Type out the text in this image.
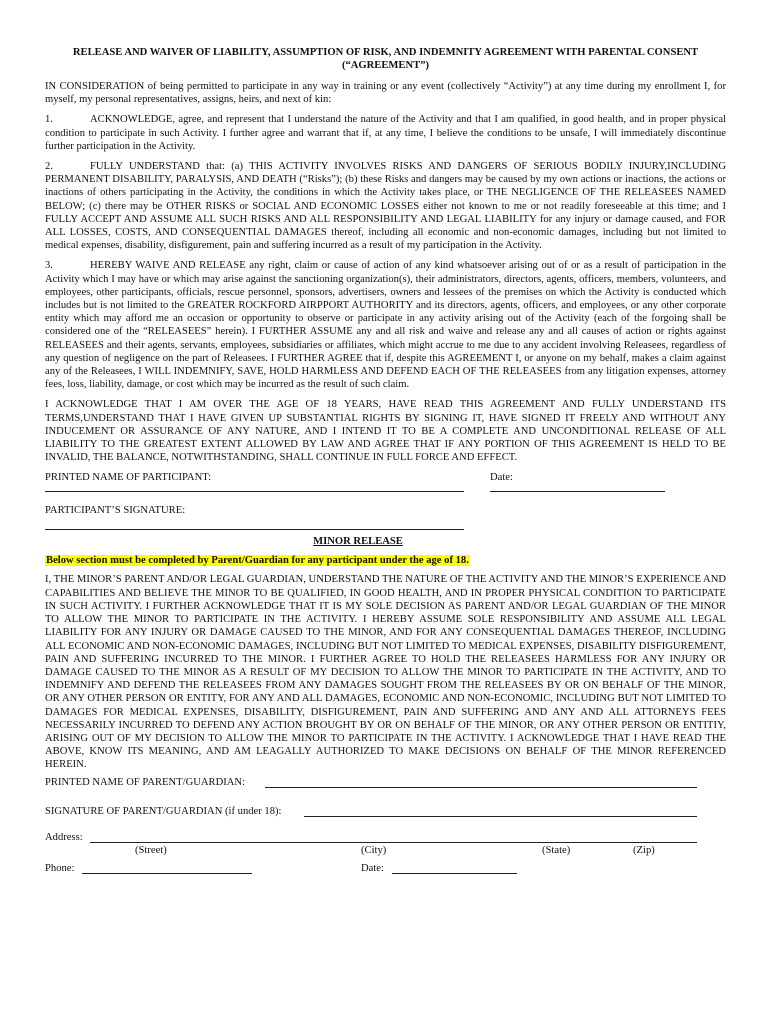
RELEASE AND WAIVER OF LIABILITY, ASSUMPTION OF RISK, AND INDEMNITY AGREEMENT WITH PARENTAL CONSENT

(“AGREEMENT”)

IN CONSIDERATION of being permitted to participate in any way in training or any event (collectively “Activity”) at any time during my enrollment I, for myself, my personal representatives, assigns, heirs, and next of kin:

1.	ACKNOWLEDGE, agree, and represent that I understand the nature of the Activity and that I am qualified, in good health, and in proper physical condition to participate in such Activity. I further agree and warrant that if, at any time, I believe the conditions to be unsafe, I will immediately discontinue further participation in the Activity.

2.	FULLY UNDERSTAND that: (a) THIS ACTIVITY INVOLVES RISKS AND DANGERS OF SERIOUS BODILY INJURY,INCLUDING PERMANENT DISABILITY, PARALYSIS, AND DEATH (“Risks”); (b) these Risks and dangers may be caused by my own actions or inactions, the actions or inactions of others participating in the Activity, the conditions in which the Activity takes place, or THE NEGLIGENCE OF THE RELEASEES NAMED BELOW; (c) there may be OTHER RISKS or SOCIAL AND ECONOMIC LOSSES either not known to me or not readily foreseeable at this time; and I FULLY ACCEPT AND ASSUME ALL SUCH RISKS AND ALL RESPONSIBILITY AND LEGAL LIABILITY for any injury or damage caused, and FOR ALL LOSSES, COSTS, AND CONSEQUENTIAL DAMAGES thereof, including all economic and non-economic damages, including but not limited to medical expenses, disability, disfigurement, pain and suffering incurred as a result of my participation in the Activity.

3.	HEREBY WAIVE AND RELEASE any right, claim or cause of action of any kind whatsoever arising out of or as a result of participation in the Activity which I may have or which may arise against the sanctioning organization(s), their administrators, directors, agents, officers, members, volunteers, and employees, other participants, officials, rescue personnel, sponsors, advertisers, owners and lessees of the premises on which the Activity is conducted which includes but is not limited to the GREATER ROCKFORD AIRPPORT AUTHORITY and its directors, agents, officers, and employees, or any other corporate entity which may afford me an occasion or opportunity to observe or participate in any activity arising out of the Activity (each of the forgoing shall be considered one of the “RELEASEES” herein). I FURTHER ASSUME any and all risk and waive and release any and all causes of action or rights against RELEASEES and their agents, servants, employees, subsidiaries or affiliates, which might accrue to me due to any accident involving Releasees, regardless of any question of negligence on the part of Releasees. I FURTHER AGREE that if, despite this AGREEMENT I, or anyone on my behalf, makes a claim against any of the Releasees, I WILL INDEMNIFY, SAVE, HOLD HARMLESS AND DEFEND EACH OF THE RELEASEES from any litigation expenses, attorney fees, loss, liability, damage, or cost which may be incurred as the result of such claim.

I ACKNOWLEDGE THAT I AM OVER THE AGE OF 18 YEARS, HAVE READ THIS AGREEMENT AND FULLY UNDERSTAND ITS TERMS,UNDERSTAND THAT I HAVE GIVEN UP SUBSTANTIAL RIGHTS BY SIGNING IT, HAVE SIGNED IT FREELY AND WITHOUT ANY INDUCEMENT OR ASSURANCE OF ANY NATURE, AND I INTEND IT TO BE A COMPLETE AND UNCONDITIONAL RELEASE OF ALL LIABILITY TO THE GREATEST EXTENT ALLOWED BY LAW AND AGREE THAT IF ANY PORTION OF THIS AGREEMENT IS HELD TO BE INVALID, THE BALANCE, NOTWITHSTANDING, SHALL CONTINUE IN FULL FORCE AND EFFECT.

PRINTED NAME OF PARTICIPANT:	Date:
PARTICIPANT’S SIGNATURE:
MINOR RELEASE
Below section must be completed by Parent/Guardian for any participant under the age of 18.

I, THE MINOR’S PARENT AND/OR LEGAL GUARDIAN, UNDERSTAND THE NATURE OF THE ACTIVITY AND THE MINOR’S EXPERIENCE AND CAPABILITIES AND BELIEVE THE MINOR TO BE QUALIFIED, IN GOOD HEALTH, AND IN PROPER PHYSICAL CONDITION TO PARTICIPATE IN SUCH ACTIVITY. I FURTHER ACKNOWLEDGE THAT IT IS MY SOLE DECISION AS PARENT AND/OR LEGAL GUARDIAN OF THE MINOR TO ALLOW THE MINOR TO PARTICIPATE IN THE ACTIVITY. I HEREBY ASSUME SOLE RESPONSIBILITY AND ASSUME ALL LEGAL LIABILITY FOR ANY INJURY OR DAMAGE CAUSED TO THE MINOR, AND FOR ANY CONSEQUENTIAL DAMAGES THEREOF, INCLUDING ALL ECONOMIC AND NON-ECONOMIC DAMAGES, INCLUDING BUT NOT LIMITED TO MEDICAL EXPENSES, DISABILITY DISFIGUREMENT, PAIN AND SUFFERING INCURRED TO THE MINOR. I FURTHER AGREE TO HOLD THE RELEASEES HARMLESS FOR ANY INJURY OR DAMAGE CAUSED TO THE MINOR AS A RESULT OF MY DECISION TO ALLOW THE MINOR TO PARTICIPATE IN THE ACTIVITY, AND TO INDEMNIFY AND DEFEND THE RELEASEES FROM ANY DAMAGES SOUGHT FROM THE RELEASEES BY OR ON BEHALF OF THE MINOR, OR ANY OTHER PERSON OR ENTITY, FOR ANY AND ALL DAMAGES, ECONOMIC AND NON-ECONOMIC, INCLUDING BUT NOT LIMITED TO DAMAGES FOR MEDICAL EXPENSES, DISABILITY, DISFIGUREMENT, PAIN AND SUFFERING AND ANY AND ALL ATTORNEYS FEES NECESSARILY INCURRED TO DEFEND ANY ACTION BROUGHT BY OR ON BEHALF OF THE MINOR, OR ANY OTHER PERSON OR ENTITIY, ARISING OUT OF MY DECISION TO ALLOW THE MINOR TO PARTICIPATE IN THE ACTIVITY. I ACKNOWLEDGE THAT I HAVE READ THE ABOVE, KNOW ITS MEANING, AND AM LEAGALLY AUTHORIZED TO MAKE DECISIONS ON BEHALF OF THE MINOR REFERENCED HEREIN.

PRINTED NAME OF PARENT/GUARDIAN:
SIGNATURE OF PARENT/GUARDIAN (if under 18):
Address:
(Street)	(City)	(State)	(Zip)
Phone:	Date:
